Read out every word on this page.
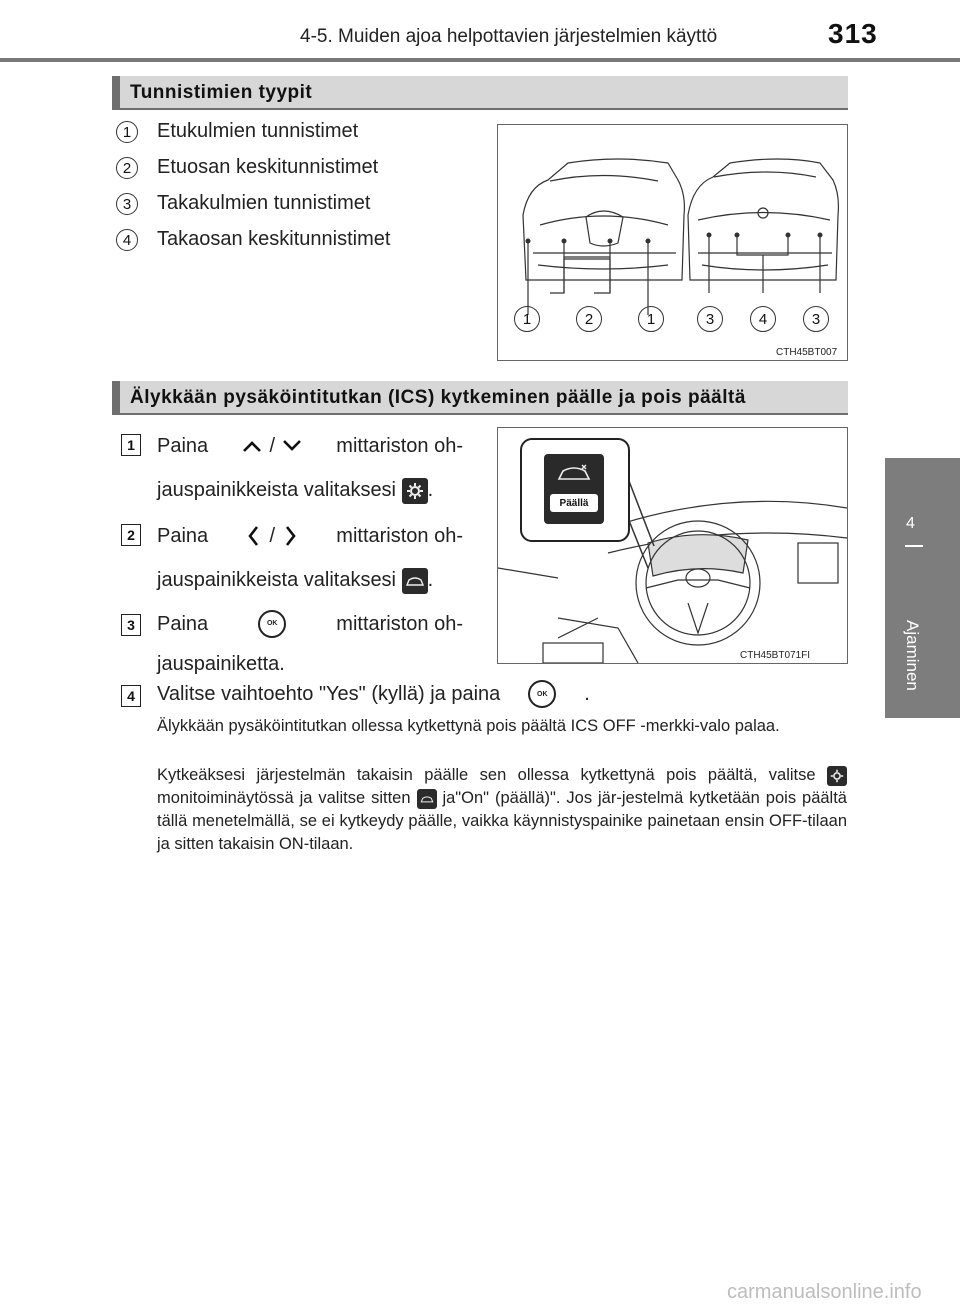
4-5. Muiden ajoa helpottavien järjestelmien käyttö	313
4
Ajaminen
Tunnistimien tyypit
1	Etukulmien tunnistimet
2	Etuosan keskitunnistimet
3	Takakulmien tunnistimet
4	Takaosan keskitunnistimet
1	2	1	3	4	3
CTH45BT007
Älykkään pysäköintitutkan (ICS) kytkeminen päälle ja pois päältä
1	Paina	/	mittariston oh-
jauspainikkeista valitaksesi .
2	Paina	/	mittariston oh-
jauspainikkeista valitaksesi .
3	Paina	OK	mittariston oh-
jauspainiketta.
Päällä
CTH45BT071FI
4	Valitse vaihtoehto "Yes" (kyllä) ja paina	OK	.
Älykkään pysäköintitutkan ollessa kytkettynä pois päältä ICS OFF -merkki-valo palaa.
Kytkeäksesi järjestelmän takaisin päälle sen ollessa kytkettynä pois päältä, valitse
monitoiminäytössä ja valitse sitten ja"On" (päällä)". Jos jär-jestelmä kytketään pois päältä tällä menetelmällä, se ei kytkeydy päälle, vaikka käynnistyspainike painetaan ensin OFF-tilaan ja sitten takaisin ON-tilaan.
carmanualsonline.info
